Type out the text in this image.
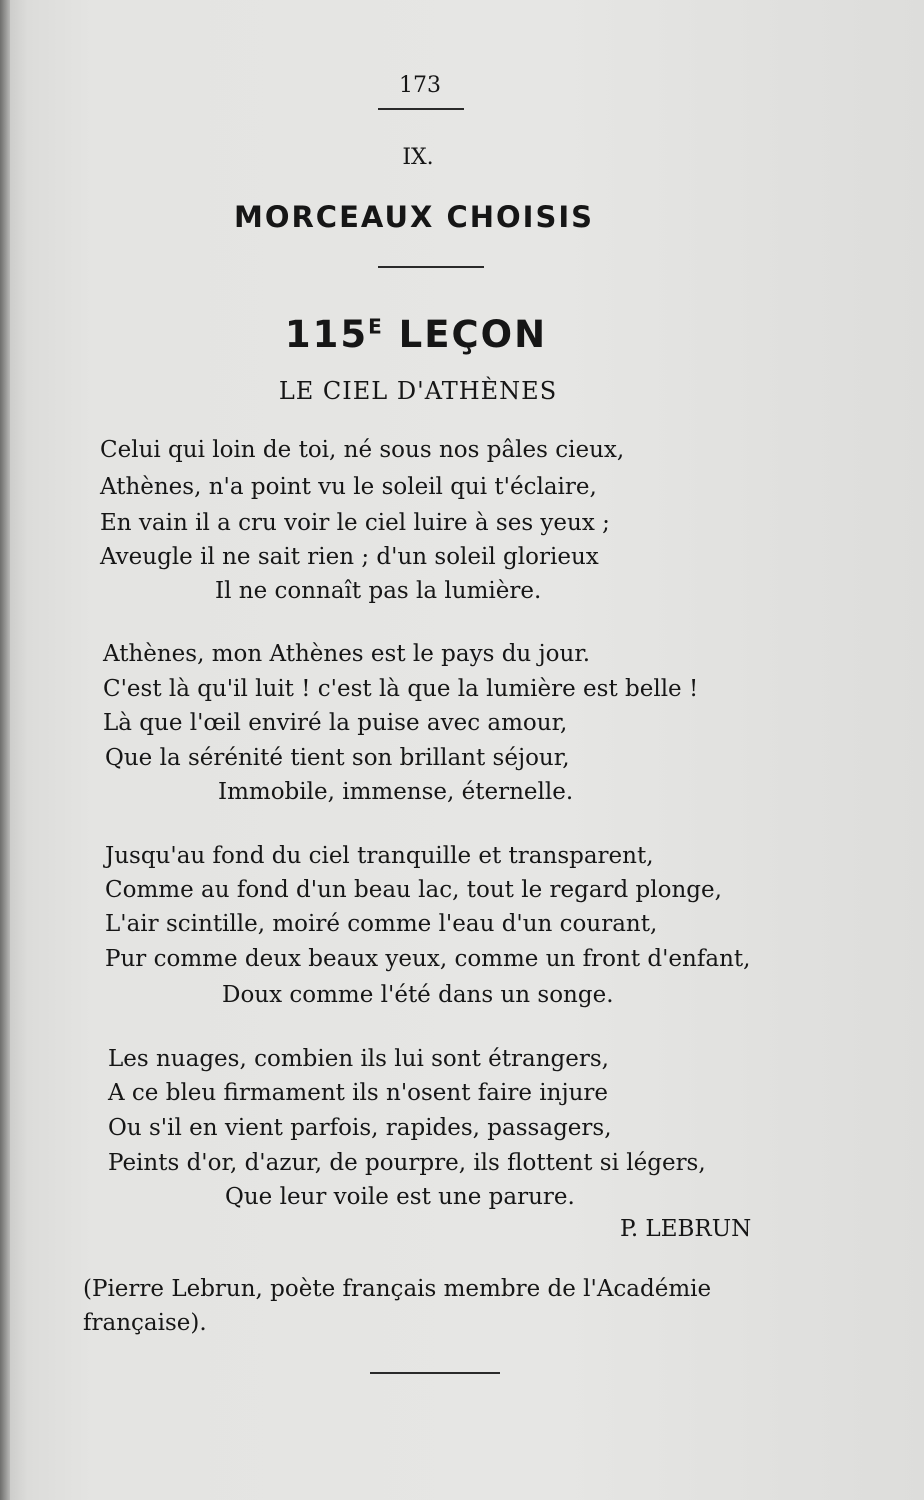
173
IX.
MORCEAUX CHOISIS
$115^E$ LEÇON
LE CIEL D'ATHÈNES
Celui qui loin de toi, né sous nos pâles cieux,
Athènes, n'a point vu le soleil qui t'éclaire,
En vain il a cru voir le ciel luire à ses yeux ;
Aveugle il ne sait rien ; d'un soleil glorieux
Il ne connaît pas la lumière.
Athènes, mon Athènes est le pays du jour.
C'est là qu'il luit ! c'est là que la lumière est belle !
Là que l'œil enviré la puise avec amour,
Que la sérénité tient son brillant séjour,
Immobile, immense, éternelle.
Jusqu'au fond du ciel tranquille et transparent,
Comme au fond d'un beau lac, tout le regard plonge,
L'air scintille, moiré comme l'eau d'un courant,
Pur comme deux beaux yeux, comme un front d'enfant,
Doux comme l'été dans un songe.
Les nuages, combien ils lui sont étrangers,
A ce bleu firmament ils n'osent faire injure
Ou s'il en vient parfois, rapides, passagers,
Peints d'or, d'azur, de pourpre, ils flottent si légers,
Que leur voile est une parure.
P. LEBRUN
(Pierre Lebrun, poète français membre de l'Académie
française).
